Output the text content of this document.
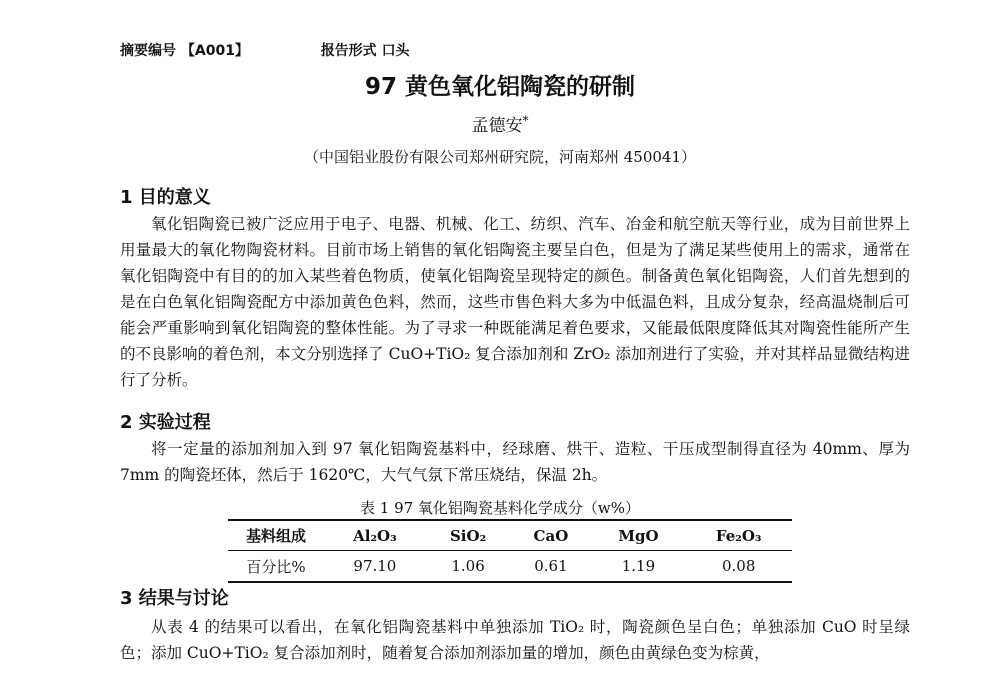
摘要编号 【A001】	报告形式 口头
97 黄色氧化铝陶瓷的研制
孟德安*
（中国铝业股份有限公司郑州研究院，河南郑州 450041）
1 目的意义

氧化铝陶瓷已被广泛应用于电子、电器、机械、化工、纺织、汽车、冶金和航空航天等行业，成为目前世界上用量最大的氧化物陶瓷材料。目前市场上销售的氧化铝陶瓷主要呈白色，但是为了满足某些使用上的需求，通常在氧化铝陶瓷中有目的的加入某些着色物质，使氧化铝陶瓷呈现特定的颜色。制备黄色氧化铝陶瓷，人们首先想到的是在白色氧化铝陶瓷配方中添加黄色色料，然而，这些市售色料大多为中低温色料，且成分复杂，经高温烧制后可能会严重影响到氧化铝陶瓷的整体性能。为了寻求一种既能满足着色要求，又能最低限度降低其对陶瓷性能所产生的不良影响的着色剂，本文分别选择了 CuO+TiO₂ 复合添加剂和 ZrO₂ 添加剂进行了实验，并对其样品显微结构进行了分析。

2 实验过程

将一定量的添加剂加入到 97 氧化铝陶瓷基料中，经球磨、烘干、造粒、干压成型制得直径为 40mm、厚为 7mm 的陶瓷坯体，然后于 1620℃，大气气氛下常压烧结，保温 2h。

表 1 97 氧化铝陶瓷基料化学成分（w%）
基料组成	Al₂O₃	SiO₂	CaO	MgO	Fe₂O₃
百分比%	97.10	1.06	0.61	1.19	0.08
3 结果与讨论

从表 4 的结果可以看出，在氧化铝陶瓷基料中单独添加 TiO₂ 时，陶瓷颜色呈白色；单独添加 CuO 时呈绿色；添加 CuO+TiO₂ 复合添加剂时，随着复合添加剂添加量的增加，颜色由黄绿色变为棕黄，
